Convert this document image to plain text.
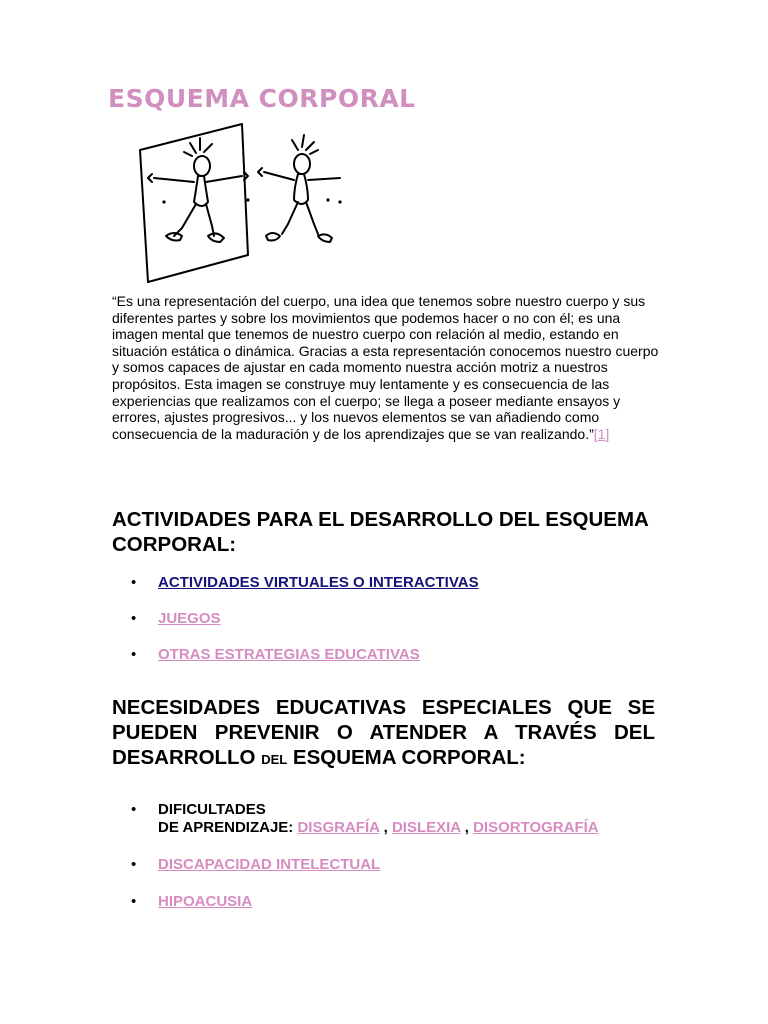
ESQUEMA CORPORAL

“Es una representación del cuerpo, una idea que tenemos sobre nuestro cuerpo y sus diferentes partes y sobre los movimientos que podemos hacer o no con él; es una imagen mental que tenemos de nuestro cuerpo con relación al medio, estando en situación estática o dinámica. Gracias a esta representación conocemos nuestro cuerpo y somos capaces de ajustar en cada momento nuestra acción motriz a nuestros propósitos. Esta imagen se construye muy lentamente y es consecuencia de las experiencias que realizamos con el cuerpo; se llega a poseer mediante ensayos y errores, ajustes progresivos... y los nuevos elementos se van añadiendo como consecuencia de la maduración y de los aprendizajes que se van realizando.”[1]

ACTIVIDADES PARA EL DESARROLLO DEL ESQUEMA CORPORAL:
• ACTIVIDADES VIRTUALES O INTERACTIVAS
• JUEGOS
• OTRAS ESTRATEGIAS EDUCATIVAS
NECESIDADES EDUCATIVAS ESPECIALES QUE SE PUEDEN PREVENIR O ATENDER A TRAVÉS DEL DESARROLLO DEL ESQUEMA CORPORAL:
• DIFICULTADES
DE APRENDIZAJE: DISGRAFÍA , DISLEXIA , DISORTOGRAFÍA
• DISCAPACIDAD INTELECTUAL
• HIPOACUSIA
